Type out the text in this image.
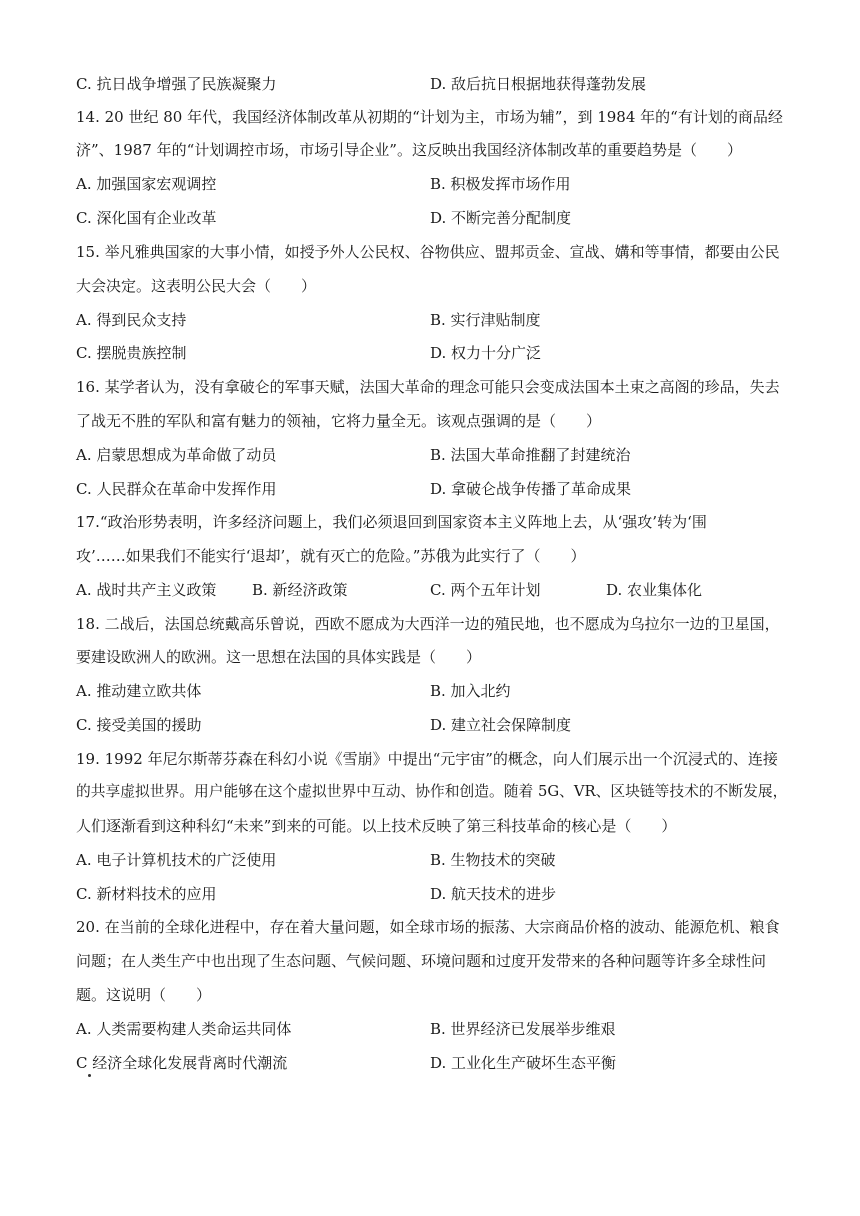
C. 抗日战争增强了民族凝聚力	D. 敌后抗日根据地获得蓬勃发展
14. 20 世纪 80 年代，我国经济体制改革从初期的“计划为主，市场为辅”，到 1984 年的“有计划的商品经
济”、1987 年的“计划调控市场，市场引导企业”。这反映出我国经济体制改革的重要趋势是（　　）
A. 加强国家宏观调控	B. 积极发挥市场作用
C. 深化国有企业改革	D. 不断完善分配制度
15. 举凡雅典国家的大事小情，如授予外人公民权、谷物供应、盟邦贡金、宣战、媾和等事情，都要由公民
大会决定。这表明公民大会（　　）
A. 得到民众支持	B. 实行津贴制度
C. 摆脱贵族控制	D. 权力十分广泛
16. 某学者认为，没有拿破仑的军事天赋，法国大革命的理念可能只会变成法国本土束之高阁的珍品，失去
了战无不胜的军队和富有魅力的领袖，它将力量全无。该观点强调的是（　　）
A. 启蒙思想成为革命做了动员	B. 法国大革命推翻了封建统治
C. 人民群众在革命中发挥作用	D. 拿破仑战争传播了革命成果
17.“政治形势表明，许多经济问题上，我们必须退回到国家资本主义阵地上去，从‘强攻’转为‘围
攻’……如果我们不能实行‘退却’，就有灭亡的危险。”苏俄为此实行了（　　）
A. 战时共产主义政策 B. 新经济政策	C. 两个五年计划	D. 农业集体化
18. 二战后，法国总统戴高乐曾说，西欧不愿成为大西洋一边的殖民地，也不愿成为乌拉尔一边的卫星国，
要建设欧洲人的欧洲。这一思想在法国的具体实践是（　　）
A. 推动建立欧共体	B. 加入北约
C. 接受美国的援助	D. 建立社会保障制度
19. 1992 年尼尔斯蒂芬森在科幻小说《雪崩》中提出“元宇宙”的概念，向人们展示出一个沉浸式的、连接
的共享虚拟世界。用户能够在这个虚拟世界中互动、协作和创造。随着 5G、VR、区块链等技术的不断发展，
人们逐渐看到这种科幻“未来”到来的可能。以上技术反映了第三科技革命的核心是（　　）
A. 电子计算机技术的广泛使用	B. 生物技术的突破
C. 新材料技术的应用	D. 航天技术的进步
20. 在当前的全球化进程中，存在着大量问题，如全球市场的振荡、大宗商品价格的波动、能源危机、粮食
问题；在人类生产中也出现了生态问题、气候问题、环境问题和过度开发带来的各种问题等许多全球性问
题。这说明（　　）
A. 人类需要构建人类命运共同体	B. 世界经济已发展举步维艰
C 经济全球化发展背离时代潮流	D. 工业化生产破坏生态平衡
